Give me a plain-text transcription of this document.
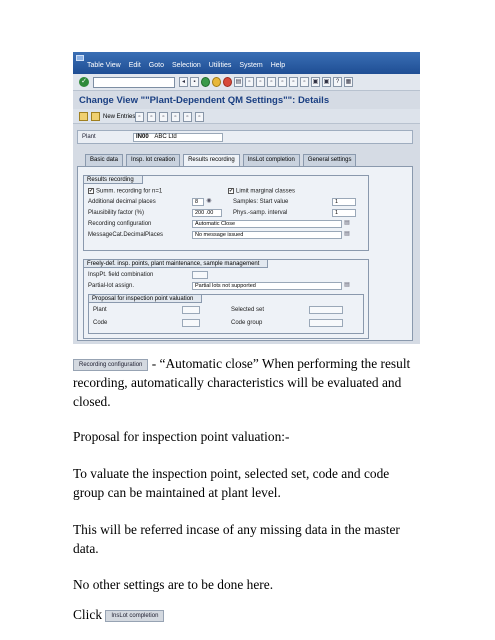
Table View Edit Goto Selection Utilities System Help
✓	◂	▪	▤	▫	▫	▫	▫	▫	▫	▣ ▣	?	▦
Change View ""Plant-Dependent QM Settings"": Details
New Entries ▫	▫	▫	▫	▫	▫
Plant	IN00 ABC Ltd
Basic data	Insp. lot creation	Results recording	InsLot completion	General settings
Results recording
✔ Summ. recording for n=1	✔ Limit marginal classes
Additional decimal places	8	◉	Samples: Start value	1
Plausibility factor (%)	200 .00	Phys.-samp. interval	1
Recording configuration	Automatic Close	▤
MessageCat.DecimalPlaces	No message issued	▤
Freely-def. insp. points, plant maintenance, sample management
InspPt. field combination
Partial-lot assign.	Partial lots not supported	▤
Proposal for inspection point valuation
Plant	Selected set
Code	Code group
Recording configuration - “Automatic close” When performing the result recording, automatically characteristics will be evaluated and closed.
Proposal for inspection point valuation:-
To valuate the inspection point, selected set, code and code group can be maintained at plant level.
This will be referred incase of any missing data in the master data.
No other settings are to be done here.
Click InsLot completion
